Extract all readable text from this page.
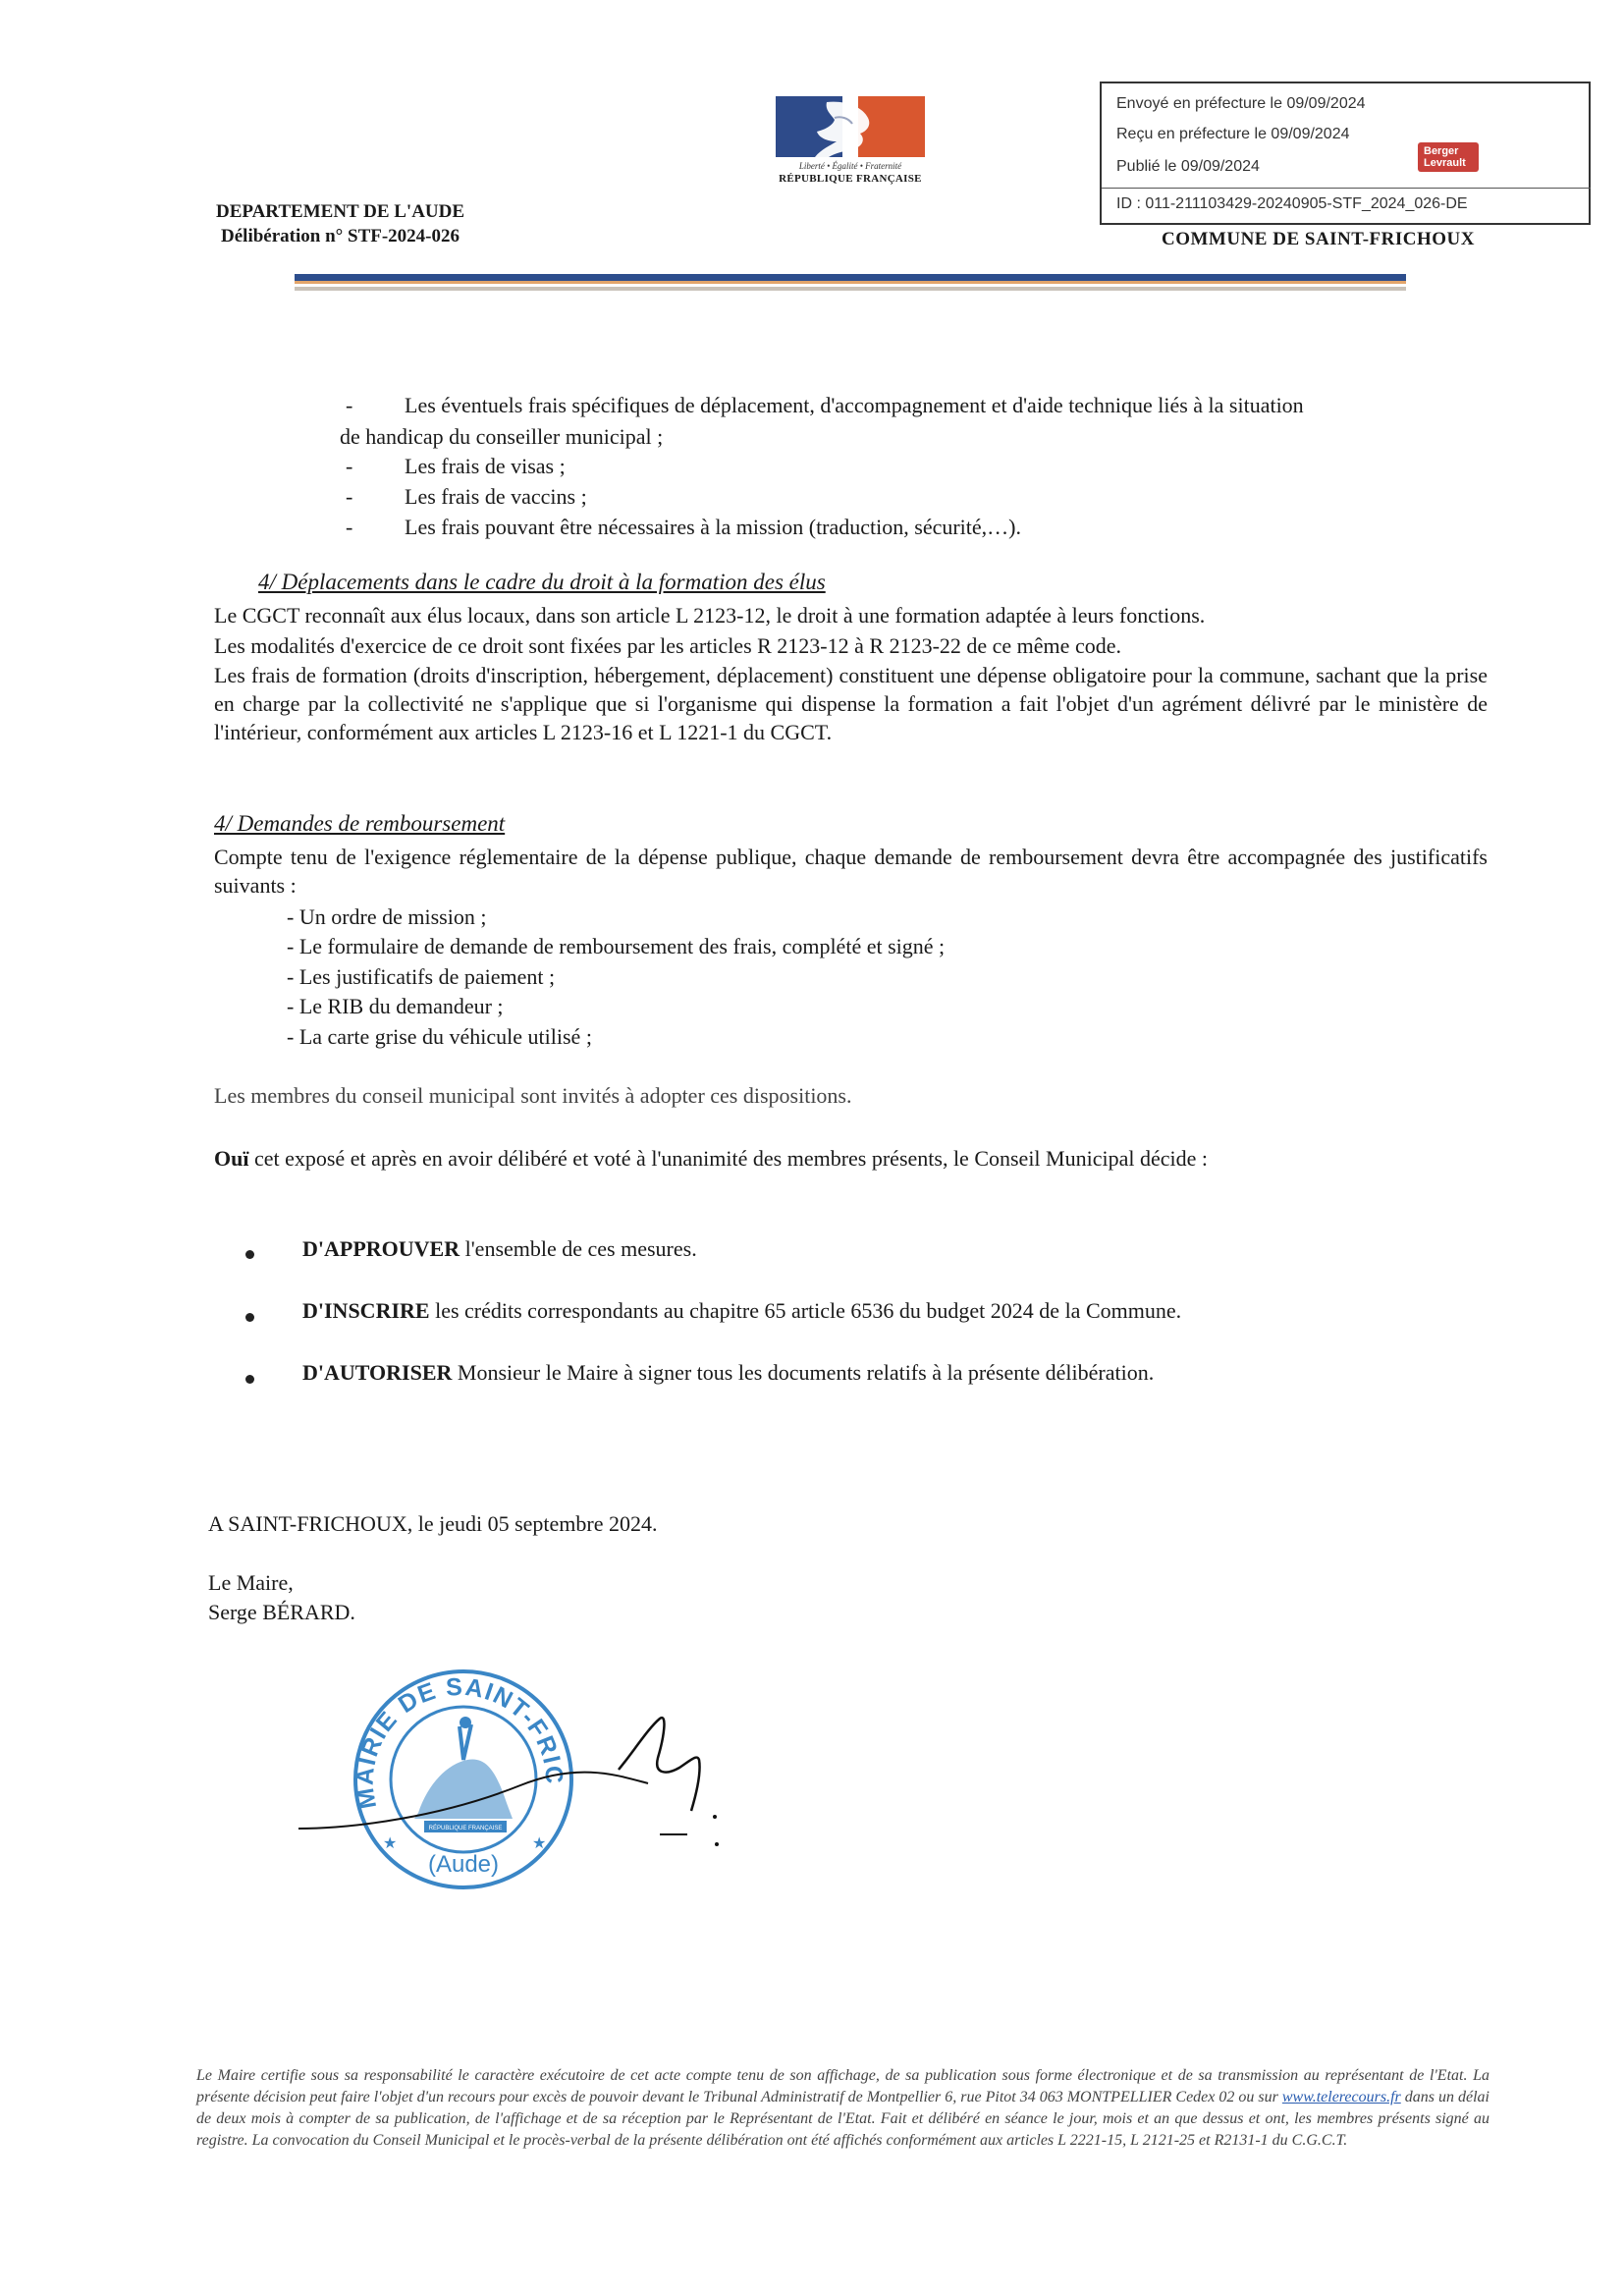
Liberté • Égalité • Fraternité
RÉPUBLIQUE FRANÇAISE
DEPARTEMENT DE L'AUDE
Délibération n° STF-2024-026
Envoyé en préfecture le 09/09/2024
Reçu en préfecture le 09/09/2024
Publié le 09/09/2024
Berger
Levrault
ID : 011-211103429-20240905-STF_2024_026-DE
COMMUNE DE SAINT-FRICHOUX
- Les éventuels frais spécifiques de déplacement, d'accompagnement et d'aide technique liés à la situation
de handicap du conseiller municipal ;
- Les frais de visas ;
- Les frais de vaccins ;
- Les frais pouvant être nécessaires à la mission (traduction, sécurité,…).
4/ Déplacements dans le cadre du droit à la formation des élus
Le CGCT reconnaît aux élus locaux, dans son article L 2123-12, le droit à une formation adaptée à leurs fonctions.
Les modalités d'exercice de ce droit sont fixées par les articles R 2123-12 à R 2123-22 de ce même code.
Les frais de formation (droits d'inscription, hébergement, déplacement) constituent une dépense obligatoire pour la commune, sachant que la prise en charge par la collectivité ne s'applique que si l'organisme qui dispense la formation a fait l'objet d'un agrément délivré par le ministère de l'intérieur, conformément aux articles L 2123-16 et L 1221-1 du CGCT.
4/ Demandes de remboursement
Compte tenu de l'exigence réglementaire de la dépense publique, chaque demande de remboursement devra être accompagnée des justificatifs suivants :
- Un ordre de mission ;
- Le formulaire de demande de remboursement des frais, complété et signé ;
- Les justificatifs de paiement ;
- Le RIB du demandeur ;
- La carte grise du véhicule utilisé ;
Les membres du conseil municipal sont invités à adopter ces dispositions.
Ouï cet exposé et après en avoir délibéré et voté à l'unanimité des membres présents, le Conseil Municipal décide :
D'APPROUVER l'ensemble de ces mesures.
D'INSCRIRE les crédits correspondants au chapitre 65 article 6536 du budget 2024 de la Commune.
D'AUTORISER Monsieur le Maire à signer tous les documents relatifs à la présente délibération.
A SAINT-FRICHOUX, le jeudi 05 septembre 2024.
Le Maire,
Serge BÉRARD.
MAIRIE DE SAINT-FRIC
(Aude)
★	★
RÉPUBLIQUE FRANÇAISE
Le Maire certifie sous sa responsabilité le caractère exécutoire de cet acte compte tenu de son affichage, de sa publication sous forme électronique et de sa transmission au représentant de l'Etat. La présente décision peut faire l'objet d'un recours pour excès de pouvoir devant le Tribunal Administratif de Montpellier 6, rue Pitot 34 063 MONTPELLIER Cedex 02 ou sur www.telerecours.fr dans un délai de deux mois à compter de sa publication, de l'affichage et de sa réception par le Représentant de l'Etat. Fait et délibéré en séance le jour, mois et an que dessus et ont, les membres présents signé au registre. La convocation du Conseil Municipal et le procès-verbal de la présente délibération ont été affichés conformément aux articles L 2221-15, L 2121-25 et R2131-1 du C.G.C.T.
